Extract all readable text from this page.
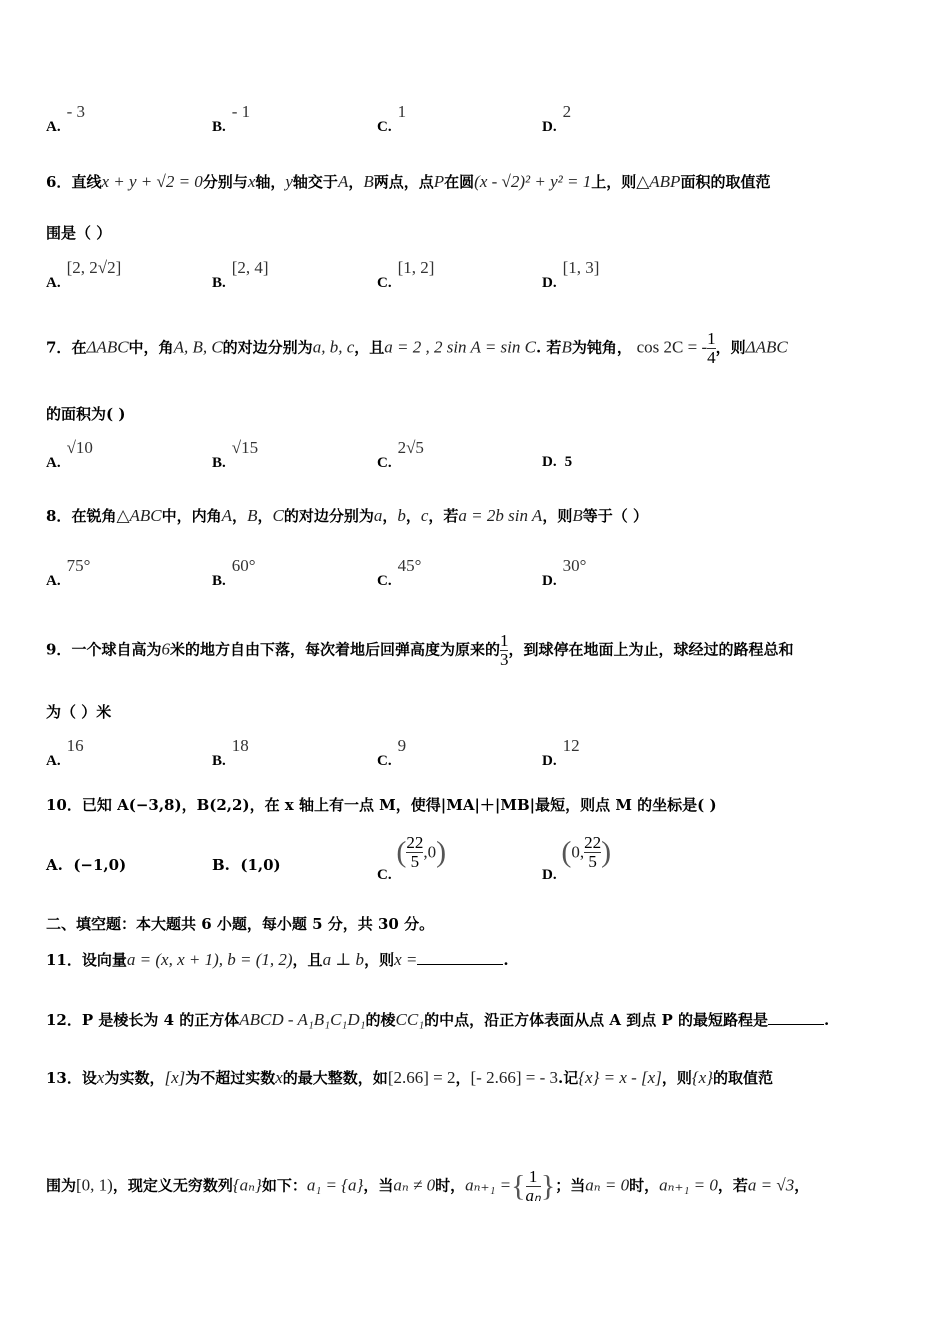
A.- 3
B.- 1
C.1
D.2
6．直线x + y + √2 = 0分别与x轴，y轴交于A，B两点，点P在圆(x - √2)² + y² = 1上，则△ABP面积的取值范
围是（ ）
A.[2, 2√2]
B.[2, 4]
C.[1, 2]
D.[1, 3]
7．在ΔABC中，角A, B, C的对边分别为a, b, c，且a = 2 , 2 sin A = sin C. 若B为钝角， cos 2C = - $\frac{1}{4}$ ，则ΔABC
的面积为( )
A.√10
B.√15
C.2√5
D. 5
8．在锐角△ABC中，内角A，B，C的对边分别为a，b，c，若a = 2b sin A，则B等于（ ）
A.75°
B.60°
C.45°
D.30°
9．一个球自高为6米的地方自由下落，每次着地后回弹高度为原来的 $\frac{1}{3}$ ，到球停在地面上为止，球经过的路程总和
为（ ）米
A.16
B.18
C.9
D.12
10．已知 A(−3,8)，B(2,2)，在 x 轴上有一点 M，使得|MA|＋|MB|最短，则点 M 的坐标是( )
A. (−1,0)	B. (1,0)
C. ( $\frac{22}{5} ,0$)
D. (0, $\frac{22}{5}$ )
二、填空题：本大题共 6 小题，每小题 5 分，共 30 分。
11．设向量a = (x, x + 1), b = (1, 2)，且a ⊥ b，则x =	.
12．P 是棱长为 4 的正方体ABCD - A₁B₁C₁D₁的棱CC₁的中点，沿正方体表面从点 A 到点 P 的最短路程是	.
13．设x为实数，[x]为不超过实数x的最大整数，如[2.66] = 2，[- 2.66] = - 3.记{x} = x - [x]，则{x}的取值范
围为[0, 1)，现定义无穷数列{aₙ}如下：a₁ = {a}，当aₙ ≠ 0时，aₙ₊₁ ={ $\frac{1}{\text{aₙ}}$ }；当aₙ = 0时，aₙ₊₁ = 0，若a = √3，
